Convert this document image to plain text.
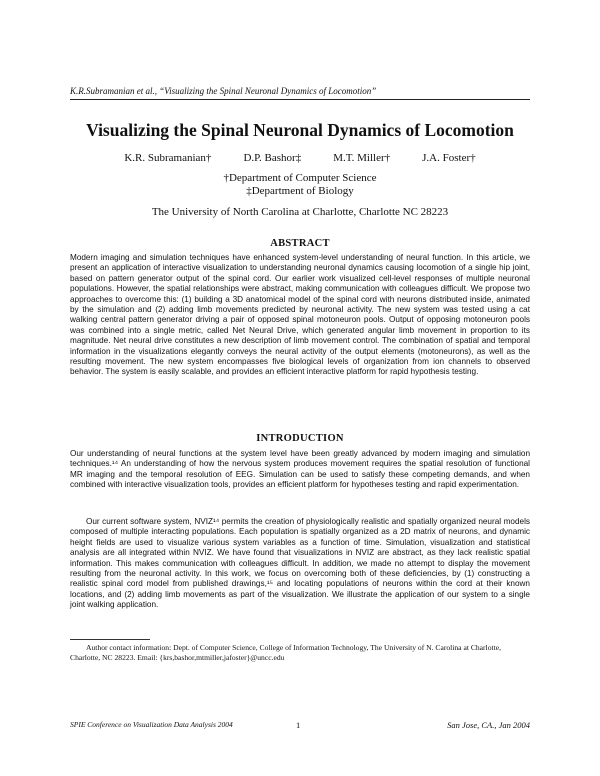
K.R.Subramanian et al., “Visualizing the Spinal Neuronal Dynamics of Locomotion”
Visualizing the Spinal Neuronal Dynamics of Locomotion
K.R. Subramanian†	D.P. Bashor‡	M.T. Miller†	J.A. Foster†
†Department of Computer Science
‡Department of Biology
The University of North Carolina at Charlotte, Charlotte NC 28223
ABSTRACT

Modern imaging and simulation techniques have enhanced system-level understanding of neural function. In this article, we present an application of interactive visualization to understanding neuronal dynamics causing locomotion of a single hip joint, based on pattern generator output of the spinal cord. Our earlier work visualized cell-level responses of multiple neuronal populations. However, the spatial relationships were abstract, making communication with colleagues difficult. We propose two approaches to overcome this: (1) building a 3D anatomical model of the spinal cord with neurons distributed inside, animated by the simulation and (2) adding limb movements predicted by neuronal activity. The new system was tested using a cat walking central pattern generator driving a pair of opposed spinal motoneuron pools. Output of opposing motoneuron pools was combined into a single metric, called Net Neural Drive, which generated angular limb movement in proportion to its magnitude. Net neural drive constitutes a new description of limb movement control. The combination of spatial and temporal information in the visualizations elegantly conveys the neural activity of the output elements (motoneurons), as well as the resulting movement. The new system encompasses five biological levels of organization from ion channels to observed behavior. The system is easily scalable, and provides an efficient interactive platform for rapid hypothesis testing.

INTRODUCTION

Our understanding of neural functions at the system level have been greatly advanced by modern imaging and simulation techniques.¹⁴ An understanding of how the nervous system produces movement requires the spatial resolution of functional MR imaging and the temporal resolution of EEG. Simulation can be used to satisfy these competing demands, and when combined with interactive visualization tools, provides an efficient platform for hypotheses testing and rapid experimentation.

Our current software system, NVIZ¹⁴ permits the creation of physiologically realistic and spatially organized neural models composed of multiple interacting populations. Each population is spatially organized as a 2D matrix of neurons, and dynamic height fields are used to visualize various system variables as a function of time. Simulation, visualization and statistical analysis are all integrated within NVIZ. We have found that visualizations in NVIZ are abstract, as they lack realistic spatial information. This makes communication with colleagues difficult. In addition, we made no attempt to display the movement resulting from the neuronal activity. In this work, we focus on overcoming both of these deficiencies, by (1) constructing a realistic spinal cord model from published drawings,¹⁵ and locating populations of neurons within the cord at their known locations, and (2) adding limb movements as part of the visualization. We illustrate the application of our system to a single joint walking application.

Author contact information: Dept. of Computer Science, College of Information Technology, The University of N. Carolina at Charlotte, Charlotte, NC 28223. Email: {krs,bashor,mtmiller,jafoster}@uncc.edu

SPIE Conference on Visualization Data Analysis 2004	1	San Jose, CA., Jan 2004
